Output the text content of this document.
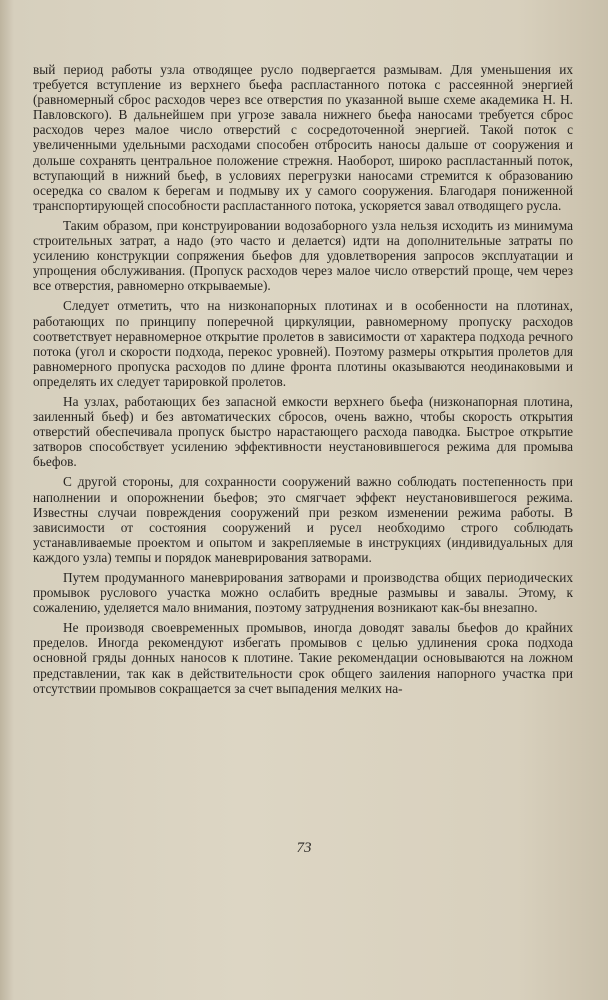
вый период работы узла отводящее русло подвергается размывам. Для уменьшения их требуется вступление из верхнего бьефа распластанного потока с рассеянной энергией (равномерный сброс расходов через все отверстия по указанной выше схеме академика Н. Н. Павловского). В дальнейшем при угрозе завала нижнего бьефа наносами требуется сброс расходов через малое число отверстий с сосредоточенной энергией. Такой поток с увеличенными удельными расходами способен отбросить наносы дальше от сооружения и дольше сохранять центральное положение стрежня. Наоборот, широко распластанный поток, вступающий в нижний бьеф, в условиях перегрузки наносами стремится к образованию осередка со свалом к берегам и подмыву их у самого сооружения. Благодаря пониженной транспортирующей способности распластанного потока, ускоряется завал отводящего русла.

Таким образом, при конструировании водозаборного узла нельзя исходить из минимума строительных затрат, а надо (это часто и делается) идти на дополнительные затраты по усилению конструкции сопряжения бьефов для удовлетворения запросов эксплуатации и упрощения обслуживания. (Пропуск расходов через малое число отверстий проще, чем через все отверстия, равномерно открываемые).

Следует отметить, что на низконапорных плотинах и в особенности на плотинах, работающих по принципу поперечной циркуляции, равномерному пропуску расходов соответствует неравномерное открытие пролетов в зависимости от характера подхода речного потока (угол и скорости подхода, перекос уровней). Поэтому размеры открытия пролетов для равномерного пропуска расходов по длине фронта плотины оказываются неодинаковыми и определять их следует тарировкой пролетов.

На узлах, работающих без запасной емкости верхнего бьефа (низконапорная плотина, заиленный бьеф) и без автоматических сбросов, очень важно, чтобы скорость открытия отверстий обеспечивала пропуск быстро нарастающего расхода паводка. Быстрое открытие затворов способствует усилению эффективности неустановившегося режима для промыва бьефов.

С другой стороны, для сохранности сооружений важно соблюдать постепенность при наполнении и опорожнении бьефов; это смягчает эффект неустановившегося режима. Известны случаи повреждения сооружений при резком изменении режима работы. В зависимости от состояния сооружений и русел необходимо строго соблюдать устанавливаемые проектом и опытом и закрепляемые в инструкциях (индивидуальных для каждого узла) темпы и порядок маневрирования затворами.

Путем продуманного маневрирования затворами и производства общих периодических промывок руслового участка можно ослабить вредные размывы и завалы. Этому, к сожалению, уделяется мало внимания, поэтому затруднения возникают как-бы внезапно.

Не производя своевременных промывов, иногда доводят завалы бьефов до крайних пределов. Иногда рекомендуют избегать промывов с целью удлинения срока подхода основной гряды донных наносов к плотине. Такие рекомендации основываются на ложном представлении, так как в действительности срок общего заиления напорного участка при отсутствии промывов сокращается за счет выпадения мелких на-

73
